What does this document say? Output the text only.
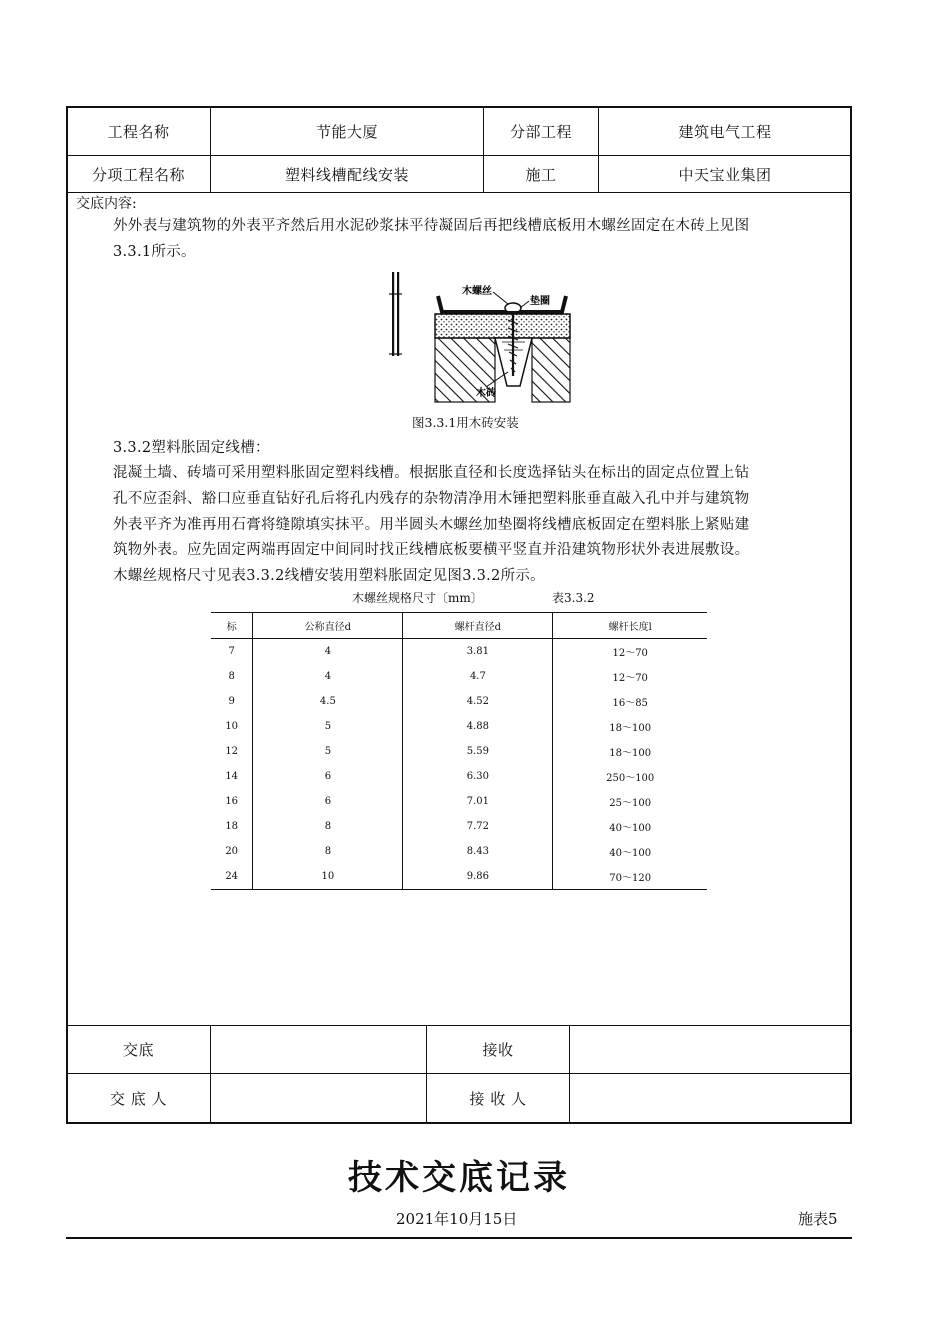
工程名称	节能大厦	分部工程	建筑电气工程
分项工程名称	塑料线槽配线安装	施工	中天宝业集团
交底内容:
外外表与建筑物的外表平齐然后用水泥砂浆抹平待凝固后再把线槽底板用木螺丝固定在木砖上见图
3.3.1所示。
木螺丝
垫圈
木砖
图3.3.1用木砖安装
3.3.2塑料胀固定线槽：
混凝土墙、砖墙可采用塑料胀固定塑料线槽。根据胀直径和长度选择钻头在标出的固定点位置上钻
孔不应歪斜、豁口应垂直钻好孔后将孔内残存的杂物清净用木锤把塑料胀垂直敲入孔中并与建筑物
外表平齐为准再用石膏将缝隙填实抹平。用半圆头木螺丝加垫圈将线槽底板固定在塑料胀上紧贴建
筑物外表。应先固定两端再固定中间同时找正线槽底板要横平竖直并沿建筑物形状外表进展敷设。
木螺丝规格尺寸见表3.3.2线槽安装用塑料胀固定见图3.3.2所示。
木螺丝规格尺寸〔mm〕	表3.3.2
标	公称直径d	螺杆直径d	螺杆长度l
7	4	3.81	12～70
8	4	4.7	12～70
9	4.5	4.52	16～85
10	5	4.88	18～100
12	5	5.59	18～100
14	6	6.30	250～100
16	6	7.01	25～100
18	8	7.72	40～100
20	8	8.43	40～100
24	10	9.86	70～120
交底	接收
交 底 人	接 收 人
技术交底记录
2021年10月15日	施表5
